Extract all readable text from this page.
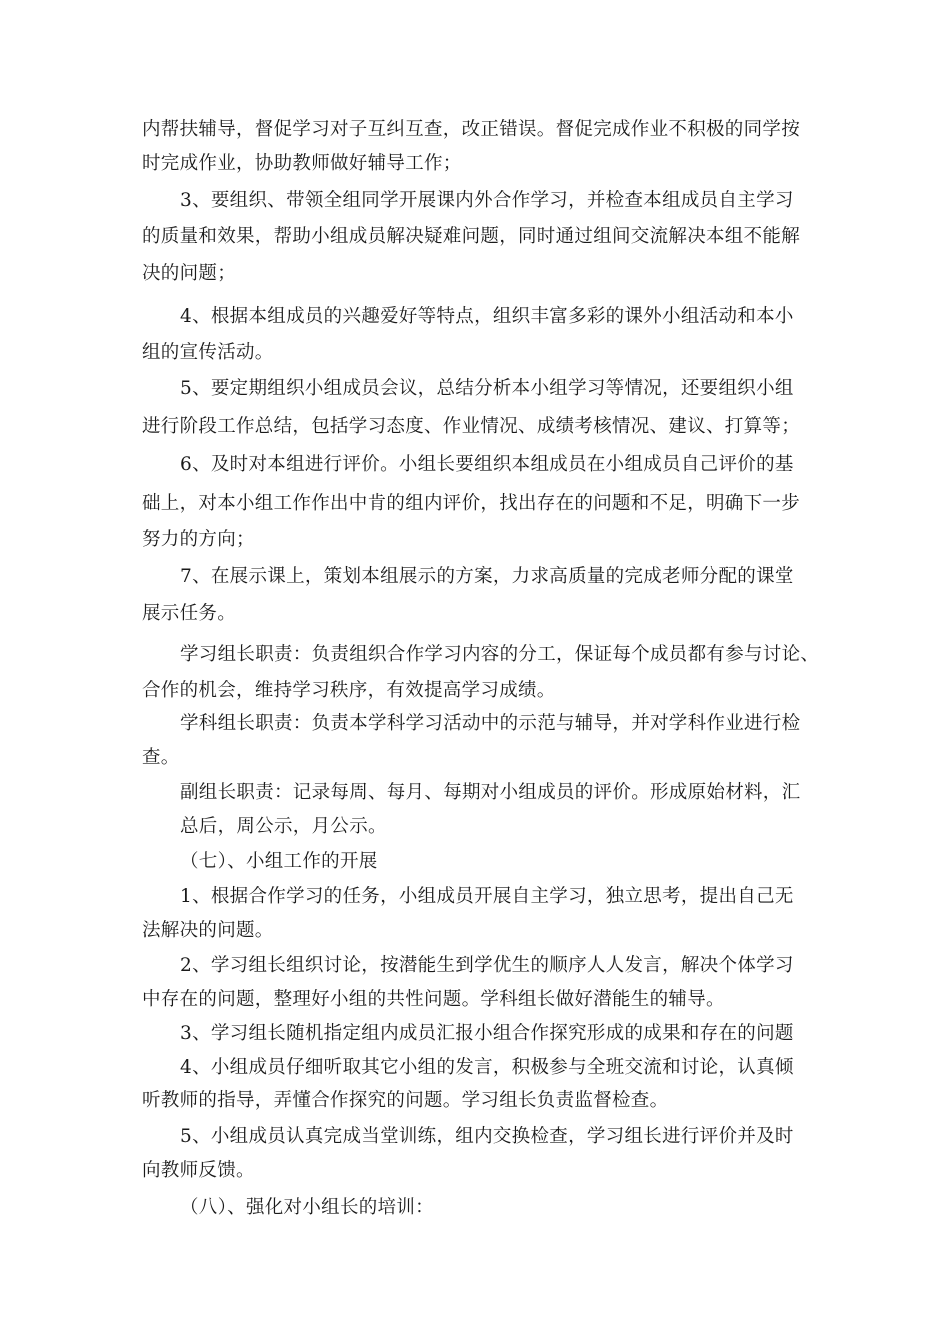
内帮扶辅导，督促学习对子互纠互查，改正错误。督促完成作业不积极的同学按
时完成作业，协助教师做好辅导工作；
3、要组织、带领全组同学开展课内外合作学习，并检查本组成员自主学习
的质量和效果，帮助小组成员解决疑难问题，同时通过组间交流解决本组不能解
决的问题；
4、根据本组成员的兴趣爱好等特点，组织丰富多彩的课外小组活动和本小
组的宣传活动。
5、要定期组织小组成员会议，总结分析本小组学习等情况，还要组织小组
进行阶段工作总结，包括学习态度、作业情况、成绩考核情况、建议、打算等；
6、及时对本组进行评价。小组长要组织本组成员在小组成员自己评价的基
础上，对本小组工作作出中肯的组内评价，找出存在的问题和不足，明确下一步
努力的方向；
7、在展示课上，策划本组展示的方案，力求高质量的完成老师分配的课堂
展示任务。
学习组长职责：负责组织合作学习内容的分工，保证每个成员都有参与讨论、
合作的机会，维持学习秩序，有效提高学习成绩。
学科组长职责：负责本学科学习活动中的示范与辅导，并对学科作业进行检
查。
副组长职责：记录每周、每月、每期对小组成员的评价。形成原始材料，汇
总后，周公示，月公示。
（七）、小组工作的开展
1、根据合作学习的任务，小组成员开展自主学习，独立思考，提出自己无
法解决的问题。
2、学习组长组织讨论，按潜能生到学优生的顺序人人发言，解决个体学习
中存在的问题，整理好小组的共性问题。学科组长做好潜能生的辅导。
3、学习组长随机指定组内成员汇报小组合作探究形成的成果和存在的问题
4、小组成员仔细听取其它小组的发言，积极参与全班交流和讨论，认真倾
听教师的指导，弄懂合作探究的问题。学习组长负责监督检查。
5、小组成员认真完成当堂训练，组内交换检查，学习组长进行评价并及时
向教师反馈。
（八）、强化对小组长的培训：
